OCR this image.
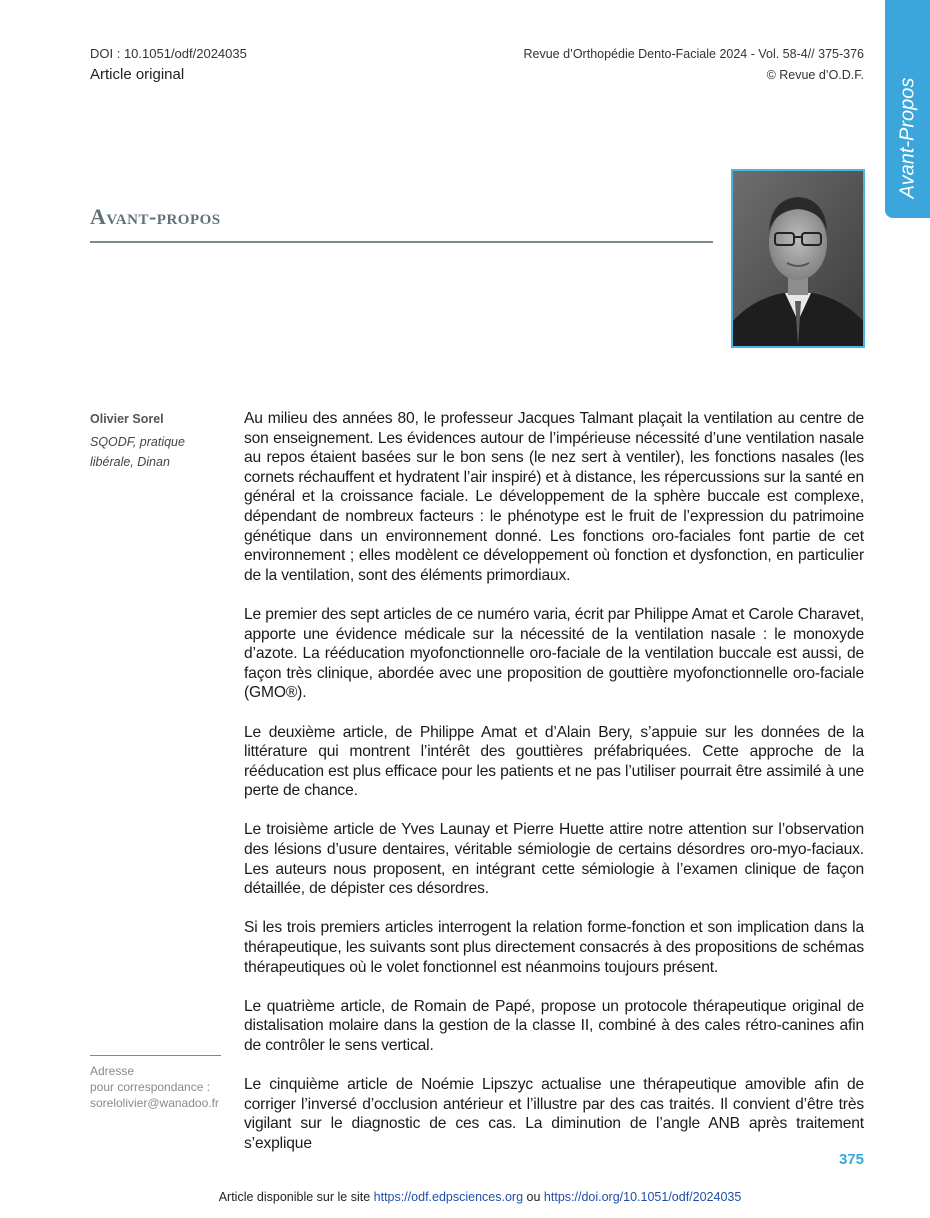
DOI : 10.1051/odf/2024035
Article original
Revue d’Orthopédie Dento-Faciale 2024 - Vol. 58-4// 375-376
© Revue d’O.D.F.
Avant-Propos
Avant-propos
Olivier Sorel
SQODF, pratique
libérale, Dinan
Adresse
pour correspondance :
sorelolivier@wanadoo.fr

Au milieu des années 80, le professeur Jacques Talmant plaçait la ventilation au centre de son enseignement. Les évidences autour de l’impérieuse nécessité d’une ventilation nasale au repos étaient basées sur le bon sens (le nez sert à ventiler), les fonctions nasales (les cornets réchauffent et hydratent l’air inspiré) et à distance, les répercussions sur la santé en général et la croissance faciale. Le développement de la sphère buccale est complexe, dépendant de nombreux facteurs : le phénotype est le fruit de l’expression du patrimoine génétique dans un environnement donné. Les fonctions oro-faciales font partie de cet environnement ; elles modèlent ce développement où fonction et dysfonction, en particulier de la ventilation, sont des éléments primordiaux.

Le premier des sept articles de ce numéro varia, écrit par Philippe Amat et Carole Charavet, apporte une évidence médicale sur la nécessité de la ventilation nasale : le monoxyde d’azote. La rééducation myofonctionnelle oro-faciale de la ventilation buccale est aussi, de façon très clinique, abordée avec une proposition de gouttière myofonctionnelle oro-faciale (GMO®).

Le deuxième article, de Philippe Amat et d’Alain Bery, s’appuie sur les données de la littérature qui montrent l’intérêt des gouttières préfabriquées. Cette approche de la rééducation est plus efficace pour les patients et ne pas l’utiliser pourrait être assimilé à une perte de chance.

Le troisième article de Yves Launay et Pierre Huette attire notre attention sur l’observation des lésions d’usure dentaires, véritable sémiologie de certains désordres oro-myo-faciaux. Les auteurs nous proposent, en intégrant cette sémiologie à l’examen clinique de façon détaillée, de dépister ces désordres.

Si les trois premiers articles interrogent la relation forme-fonction et son implication dans la thérapeutique, les suivants sont plus directement consacrés à des propositions de schémas thérapeutiques où le volet fonctionnel est néanmoins toujours présent.

Le quatrième article, de Romain de Papé, propose un protocole thérapeutique original de distalisation molaire dans la gestion de la classe II, combiné à des cales rétro-canines afin de contrôler le sens vertical.

Le cinquième article de Noémie Lipszyc actualise une thérapeutique amovible afin de corriger l’inversé d’occlusion antérieur et l’illustre par des cas traités. Il convient d’être très vigilant sur le diagnostic de ces cas. La diminution de l’angle ANB après traitement s’explique

375
Article disponible sur le site https://odf.edpsciences.org ou https://doi.org/10.1051/odf/2024035
